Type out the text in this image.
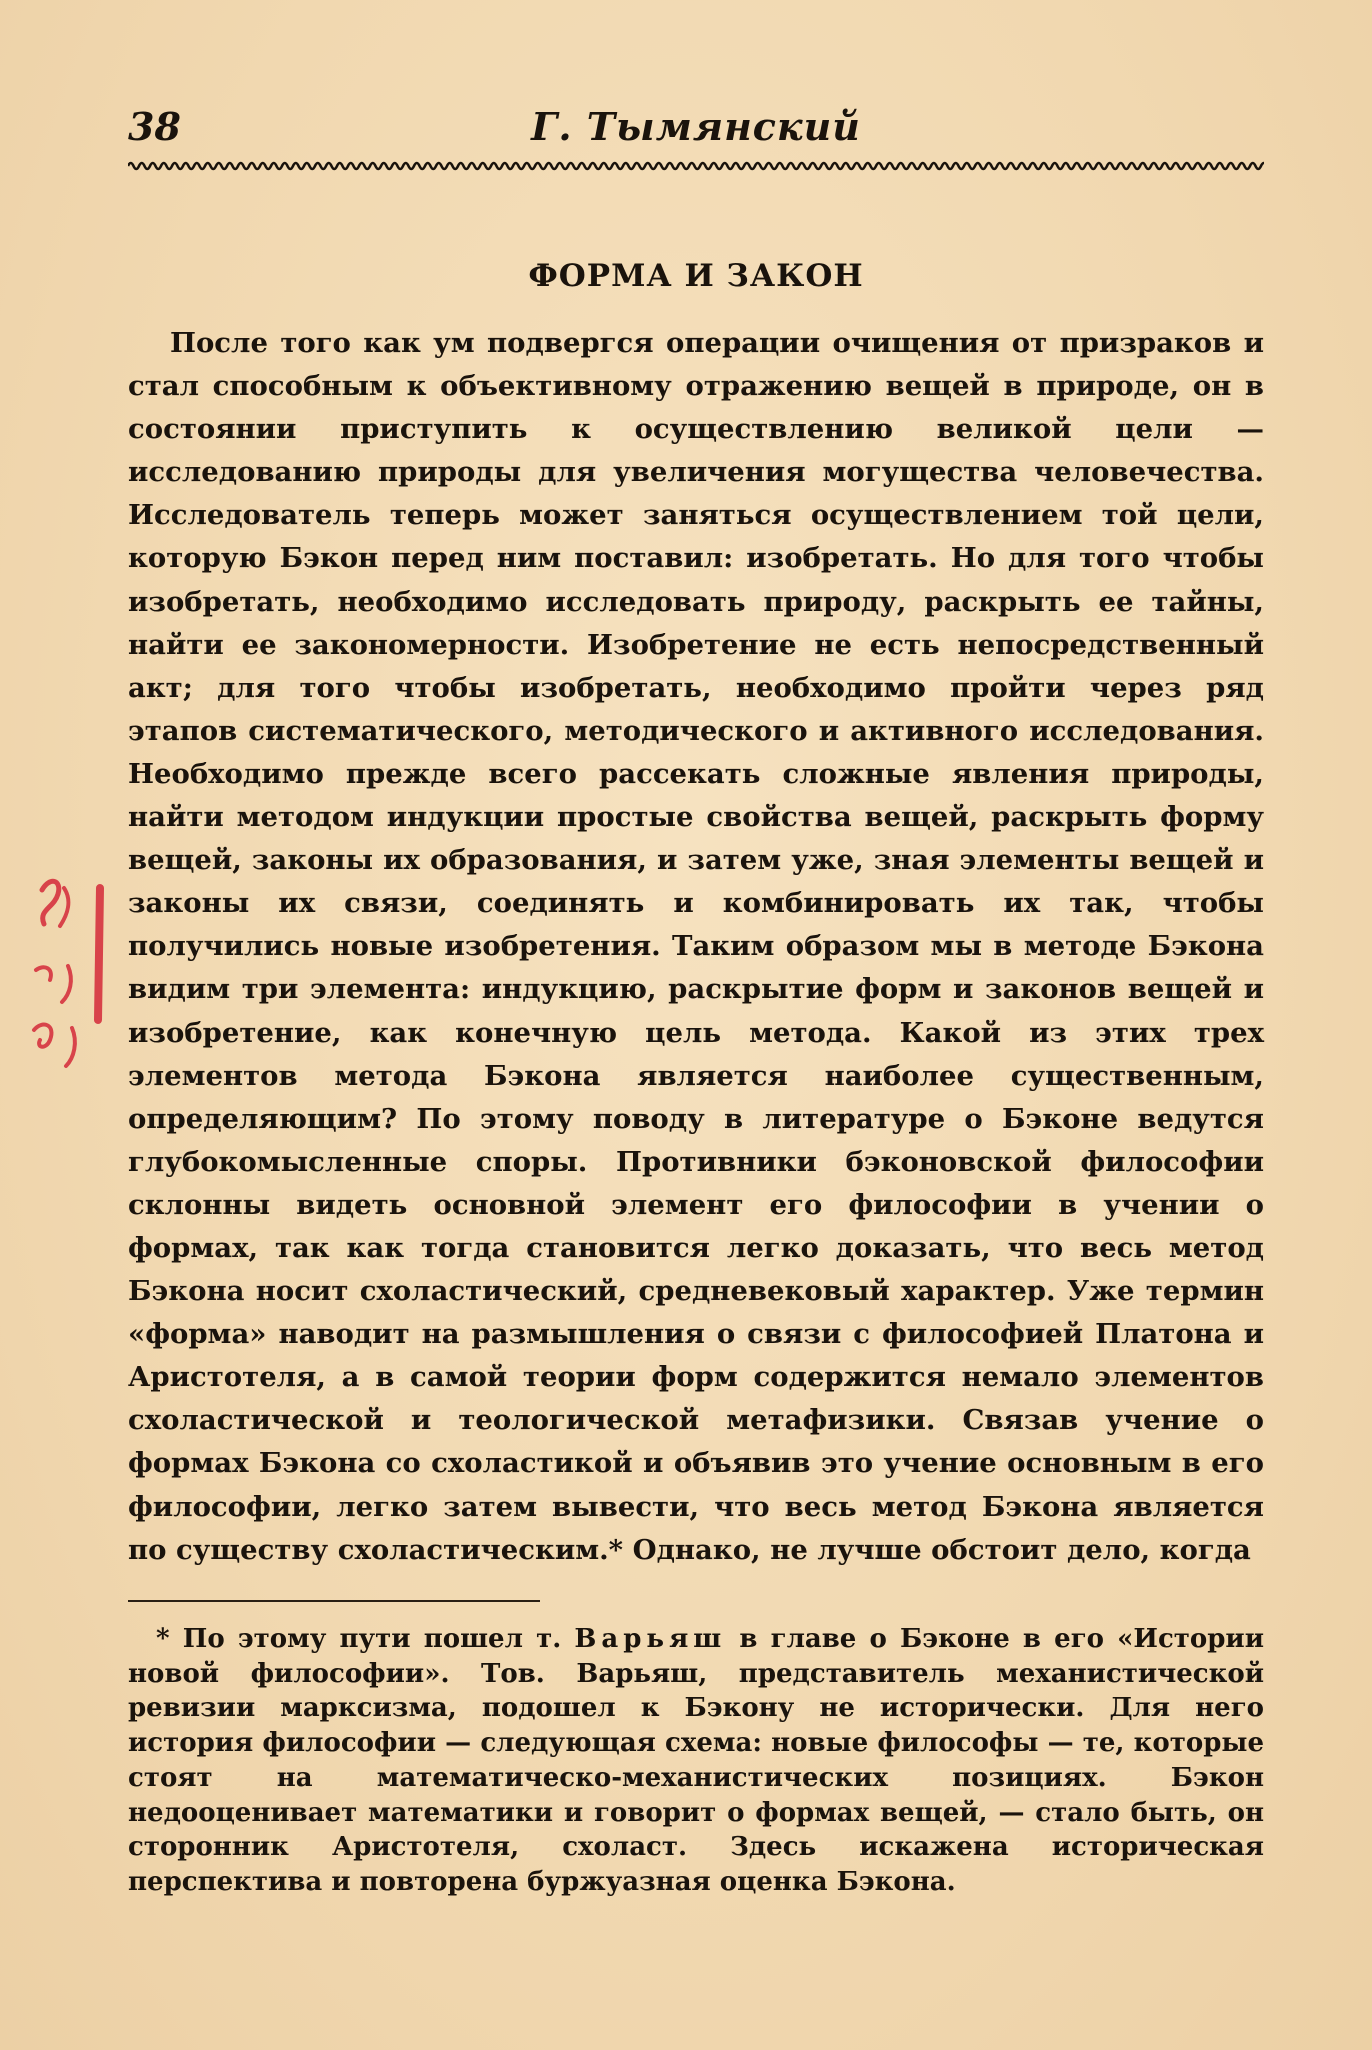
38	Г. Тымянский
ФОРМА И ЗАКОН

После того как ум подвергся операции очищения от призраков и стал способным к объективному отражению вещей в природе, он в состоянии приступить к осуществлению великой цели — исследованию природы для увеличения могущества человечества. Исследователь теперь может заняться осуществлением той цели, которую Бэкон перед ним поставил: изобретать. Но для того чтобы изобретать, необходимо исследовать природу, раскрыть ее тайны, найти ее закономерности. Изобретение не есть непосредственный акт; для того чтобы изобретать, необходимо пройти через ряд этапов систематического, методического и активного исследования. Необходимо прежде всего рассекать сложные явления природы, найти методом индукции простые свойства вещей, раскрыть форму вещей, законы их образования, и затем уже, зная элементы вещей и законы их связи, соединять и комбинировать их так, чтобы получились новые изобретения. Таким образом мы в методе Бэкона видим три элемента: индукцию, раскрытие форм и законов вещей и изобретение, как конечную цель метода. Какой из этих трех элементов метода Бэкона является наиболее существенным, определяющим? По этому поводу в литературе о Бэконе ведутся глубокомысленные споры. Противники бэконовской философии склонны видеть основной элемент его философии в учении о формах, так как тогда становится легко доказать, что весь метод Бэкона носит схоластический, средневековый характер. Уже термин «форма» наводит на размышления о связи с философией Платона и Аристотеля, а в самой теории форм содержится немало элементов схоластической и теологической метафизики. Связав учение о формах Бэкона со схоластикой и объявив это учение основным в его философии, легко затем вывести, что весь метод Бэкона является по существу схоластическим.* Однако, не лучше обстоит дело, когда

* По этому пути пошел т. Варьяш в главе о Бэконе в его «Истории новой философии». Тов. Варьяш, представитель механистической ревизии марксизма, подошел к Бэкону не исторически. Для него история философии — следующая схема: новые философы — те, которые стоят на математическо-механистических позициях. Бэкон недооценивает математики и говорит о формах вещей, — стало быть, он сторонник Аристотеля, схоласт. Здесь искажена историческая перспектива и повторена буржуазная оценка Бэкона.
